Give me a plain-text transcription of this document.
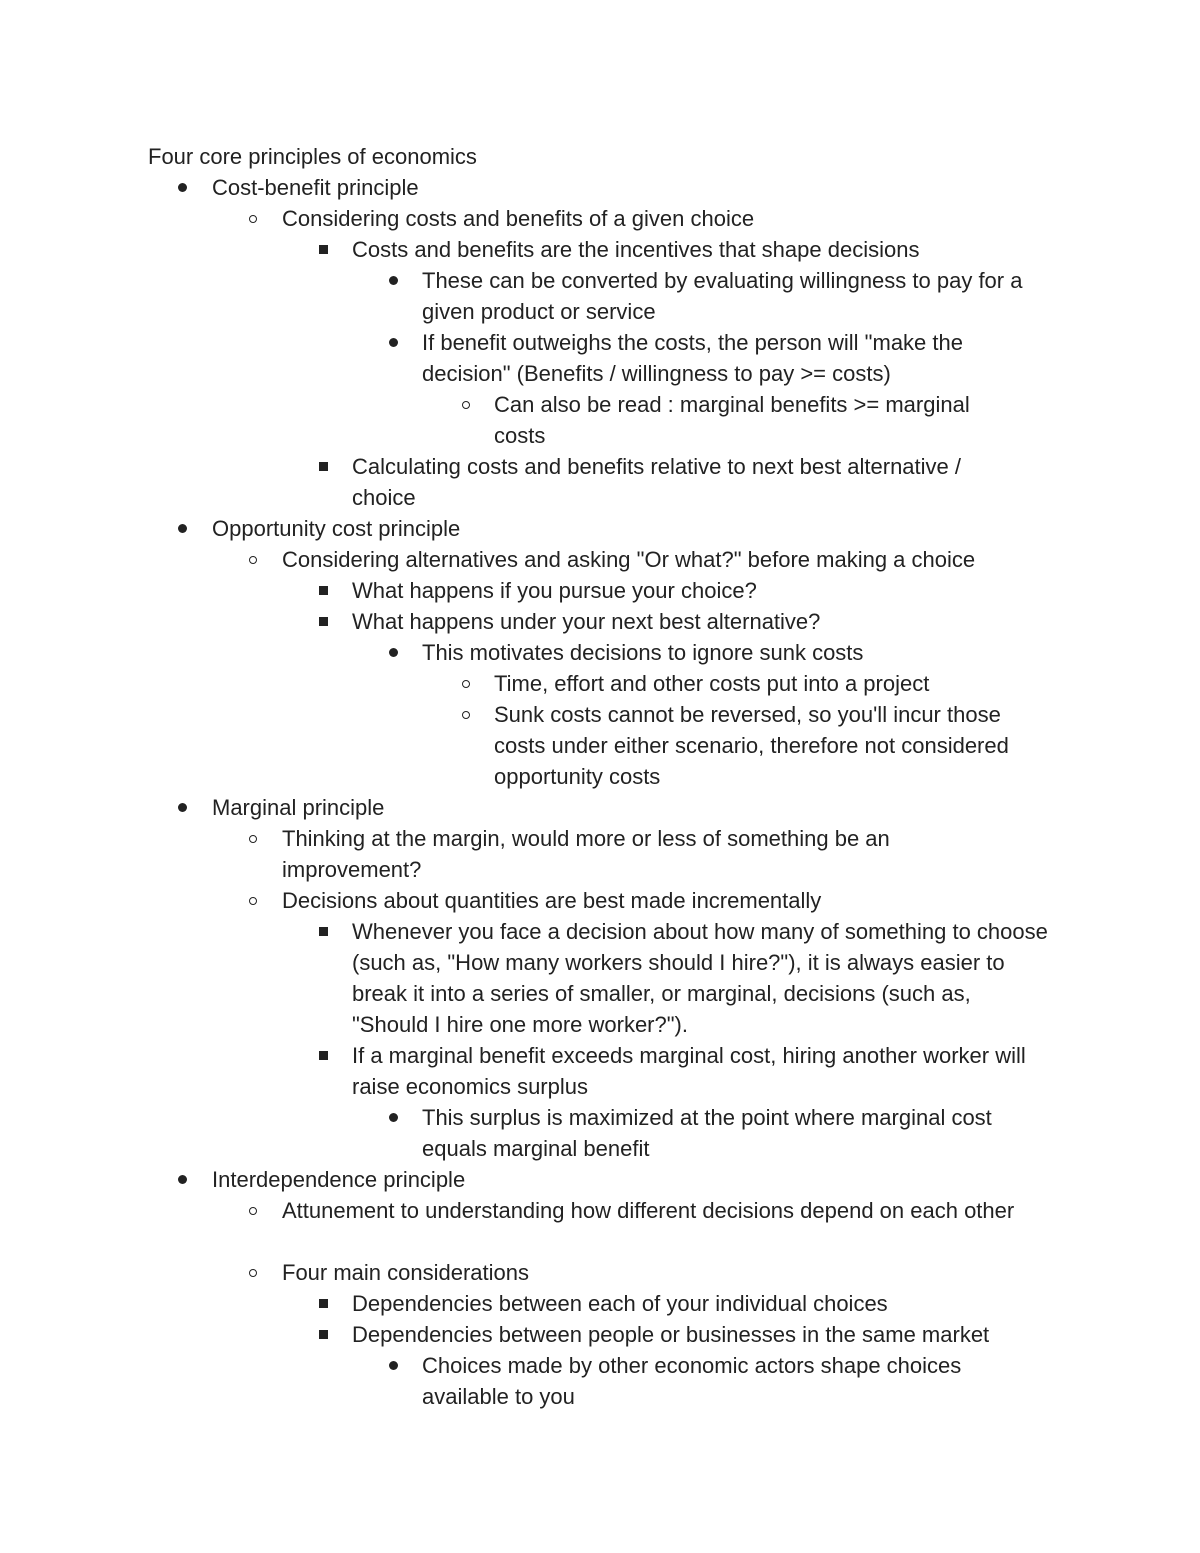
Four core principles of economics
Cost-benefit principle
Considering costs and benefits of a given choice
Costs and benefits are the incentives that shape decisions
These can be converted by evaluating willingness to pay for a given product or service
If benefit outweighs the costs, the person will "make the decision" (Benefits / willingness to pay >= costs)
Can also be read : marginal benefits >= marginal costs
Calculating costs and benefits relative to next best alternative / choice
Opportunity cost principle
Considering alternatives and asking "Or what?" before making a choice
What happens if you pursue your choice?
What happens under your next best alternative?
This motivates decisions to ignore sunk costs
Time, effort and other costs put into a project
Sunk costs cannot be reversed, so you'll incur those costs under either scenario, therefore not considered opportunity costs
Marginal principle
Thinking at the margin, would more or less of something be an improvement?
Decisions about quantities are best made incrementally
Whenever you face a decision about how many of something to choose (such as, "How many workers should I hire?"), it is always easier to break it into a series of smaller, or marginal, decisions (such as, "Should I hire one more worker?").
If a marginal benefit exceeds marginal cost, hiring another worker will raise economics surplus
This surplus is maximized at the point where marginal cost equals marginal benefit
Interdependence principle
Attunement to understanding how different decisions depend on each other
Four main considerations
Dependencies between each of your individual choices
Dependencies between people or businesses in the same market
Choices made by other economic actors shape choices available to you
